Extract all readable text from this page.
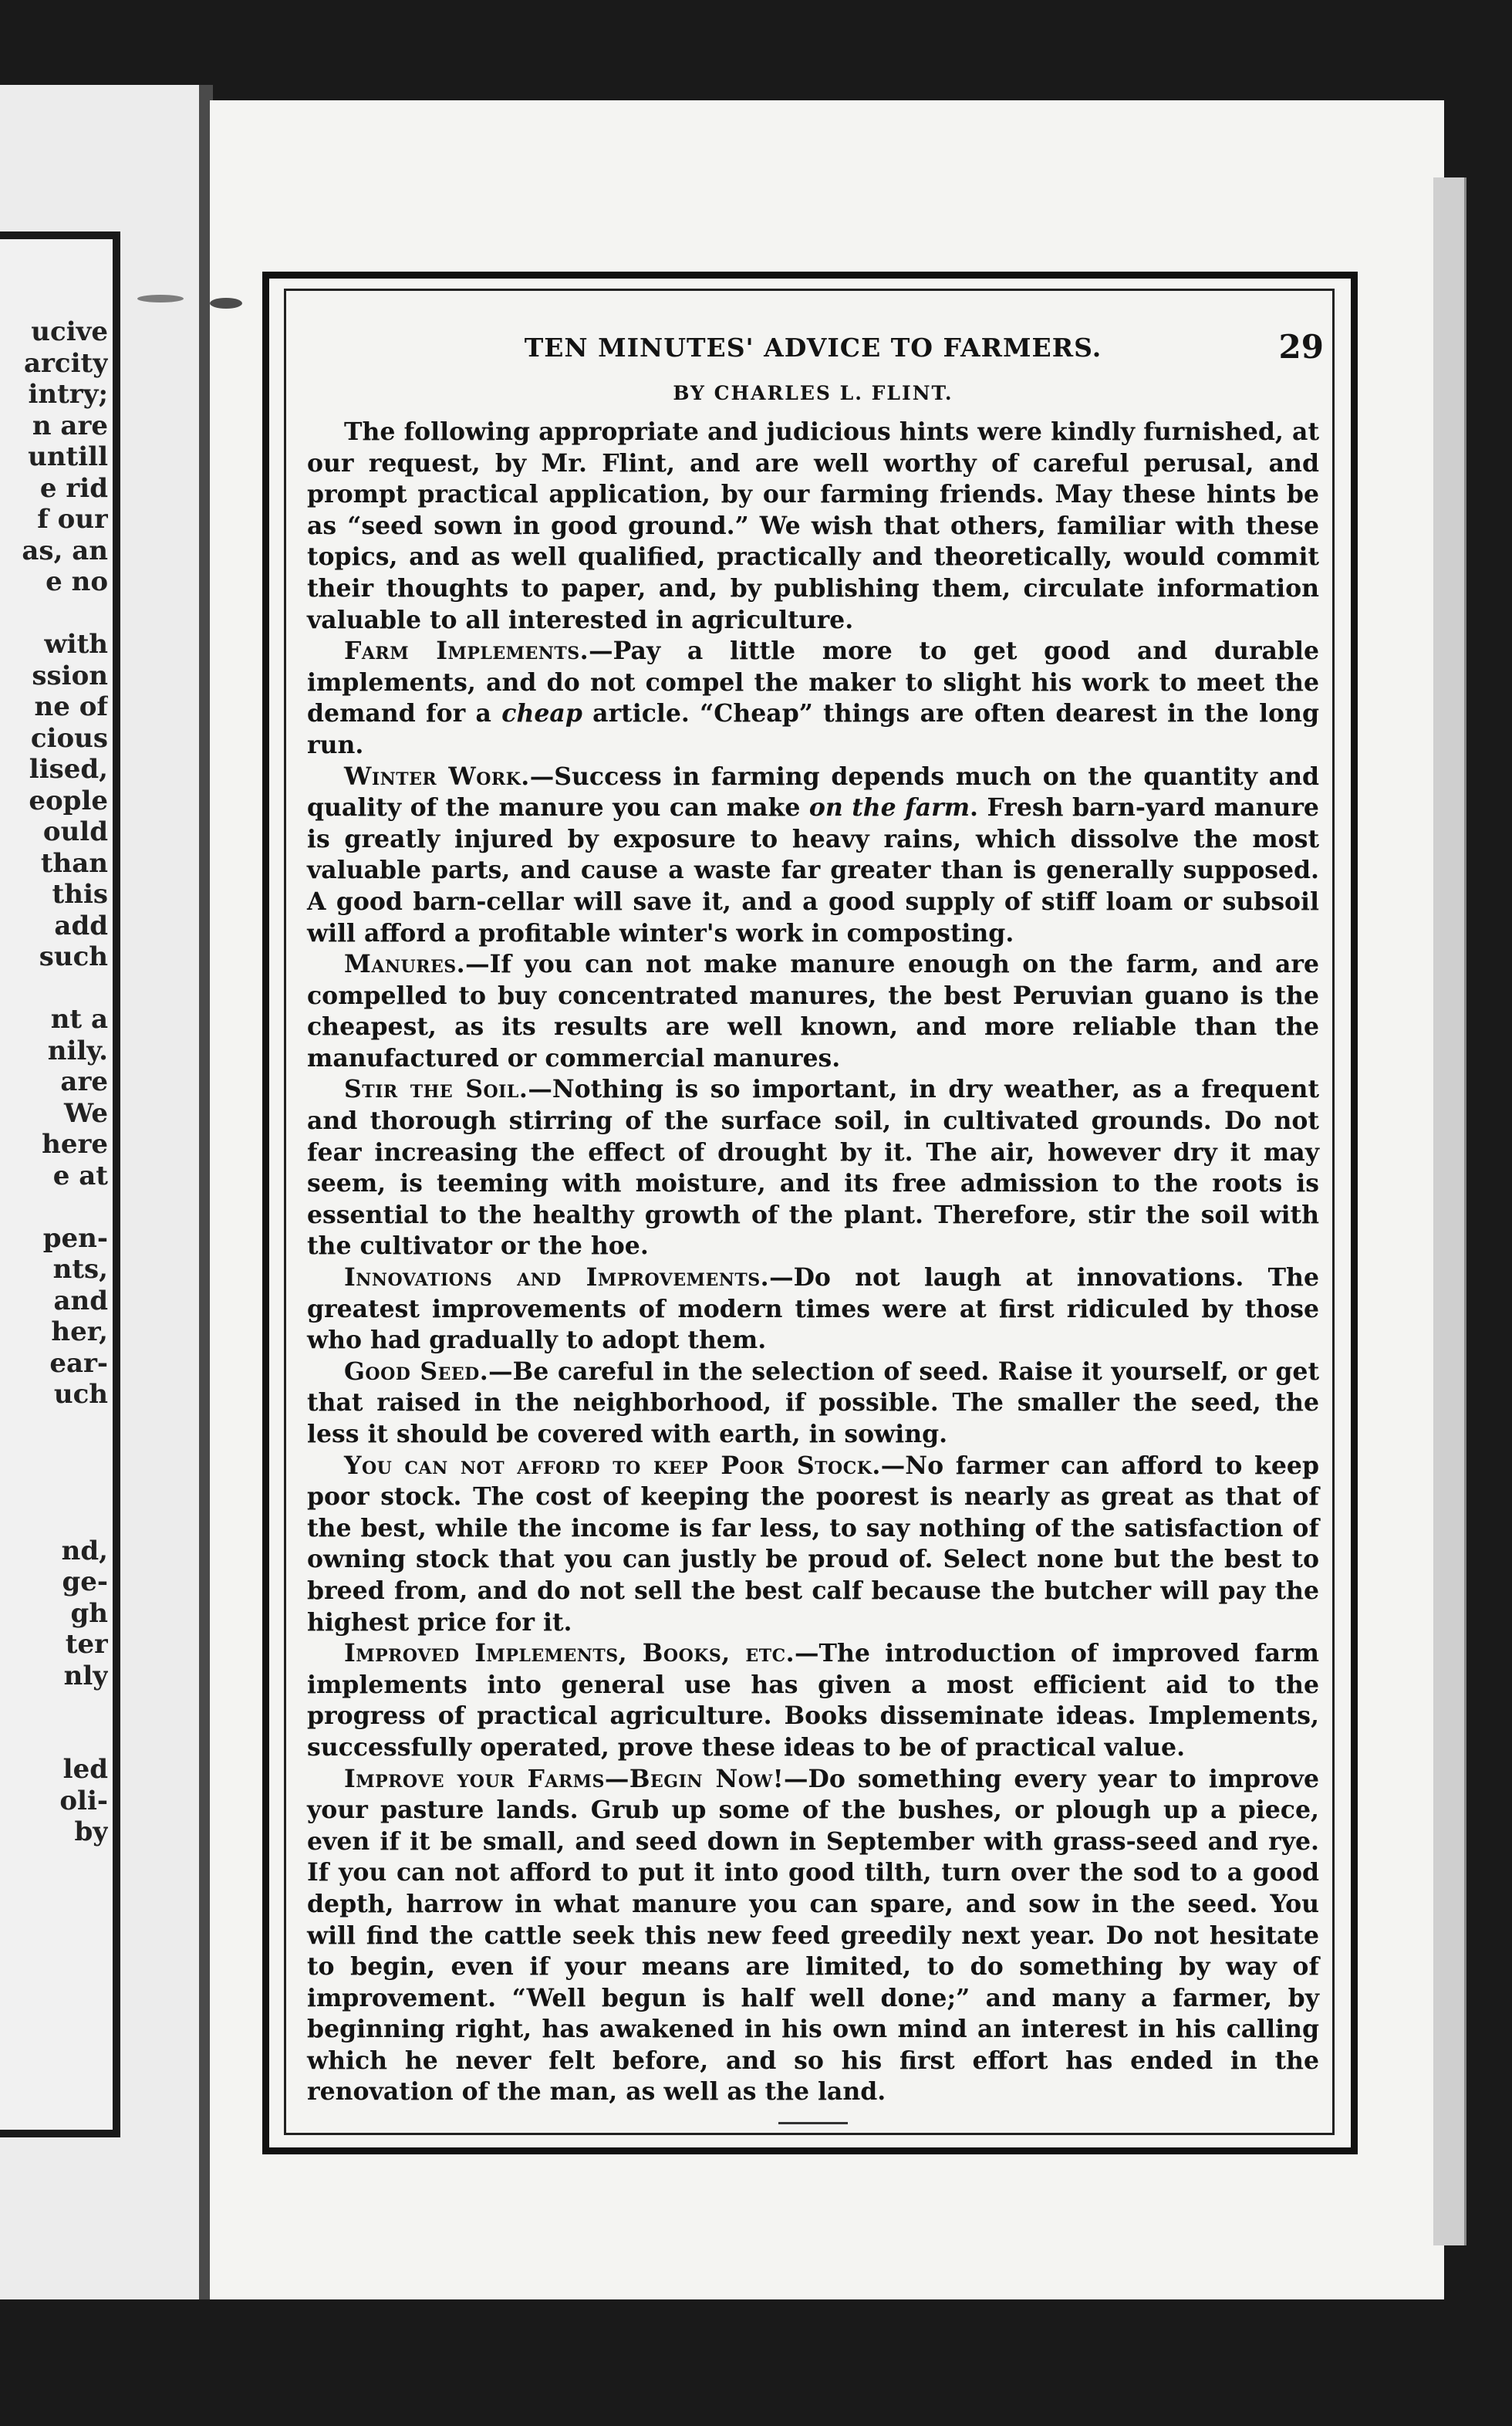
ucive
arcity
intry;
n are
untill
e rid
f our
as, an
e no

with
ssion
ne of
cious
lised,
eople
ould
than
this
add
such

nt a
nily.
are
We
here
e at

pen-
nts,
and
her,
ear-
uch

nd,
ge-
gh
ter
nly

led
oli-
by
TEN MINUTES' ADVICE TO FARMERS.	29
BY CHARLES L. FLINT.

The following appropriate and judicious hints were kindly furnished, at our request, by Mr. Flint, and are well worthy of careful perusal, and prompt practical application, by our farming friends. May these hints be as “seed sown in good ground.” We wish that others, familiar with these topics, and as well qualified, practically and theoretically, would commit their thoughts to paper, and, by publishing them, circulate information valuable to all interested in agriculture.

Farm Implements.—Pay a little more to get good and durable implements, and do not compel the maker to slight his work to meet the demand for a cheap article. “Cheap” things are often dearest in the long run.

Winter Work.—Success in farming depends much on the quantity and quality of the manure you can make on the farm. Fresh barn-yard manure is greatly injured by exposure to heavy rains, which dissolve the most valuable parts, and cause a waste far greater than is generally supposed. A good barn-cellar will save it, and a good supply of stiff loam or subsoil will afford a profitable winter's work in composting.

Manures.—If you can not make manure enough on the farm, and are compelled to buy concentrated manures, the best Peruvian guano is the cheapest, as its results are well known, and more reliable than the manufactured or commercial manures.

Stir the Soil.—Nothing is so important, in dry weather, as a frequent and thorough stirring of the surface soil, in cultivated grounds. Do not fear increasing the effect of drought by it. The air, however dry it may seem, is teeming with moisture, and its free admission to the roots is essential to the healthy growth of the plant. Therefore, stir the soil with the cultivator or the hoe.

Innovations and Improvements.—Do not laugh at innovations. The greatest improvements of modern times were at first ridiculed by those who had gradually to adopt them.

Good Seed.—Be careful in the selection of seed. Raise it yourself, or get that raised in the neighborhood, if possible. The smaller the seed, the less it should be covered with earth, in sowing.

You can not afford to keep Poor Stock.—No farmer can afford to keep poor stock. The cost of keeping the poorest is nearly as great as that of the best, while the income is far less, to say nothing of the satisfaction of owning stock that you can justly be proud of. Select none but the best to breed from, and do not sell the best calf because the butcher will pay the highest price for it.

Improved Implements, Books, etc.—The introduction of improved farm implements into general use has given a most efficient aid to the progress of practical agriculture. Books disseminate ideas. Implements, successfully operated, prove these ideas to be of practical value.

Improve your Farms—Begin Now!—Do something every year to improve your pasture lands. Grub up some of the bushes, or plough up a piece, even if it be small, and seed down in September with grass-seed and rye. If you can not afford to put it into good tilth, turn over the sod to a good depth, harrow in what manure you can spare, and sow in the seed. You will find the cattle seek this new feed greedily next year. Do not hesitate to begin, even if your means are limited, to do something by way of improvement. “Well begun is half well done;” and many a farmer, by beginning right, has awakened in his own mind an interest in his calling which he never felt before, and so his first effort has ended in the renovation of the man, as well as the land.
